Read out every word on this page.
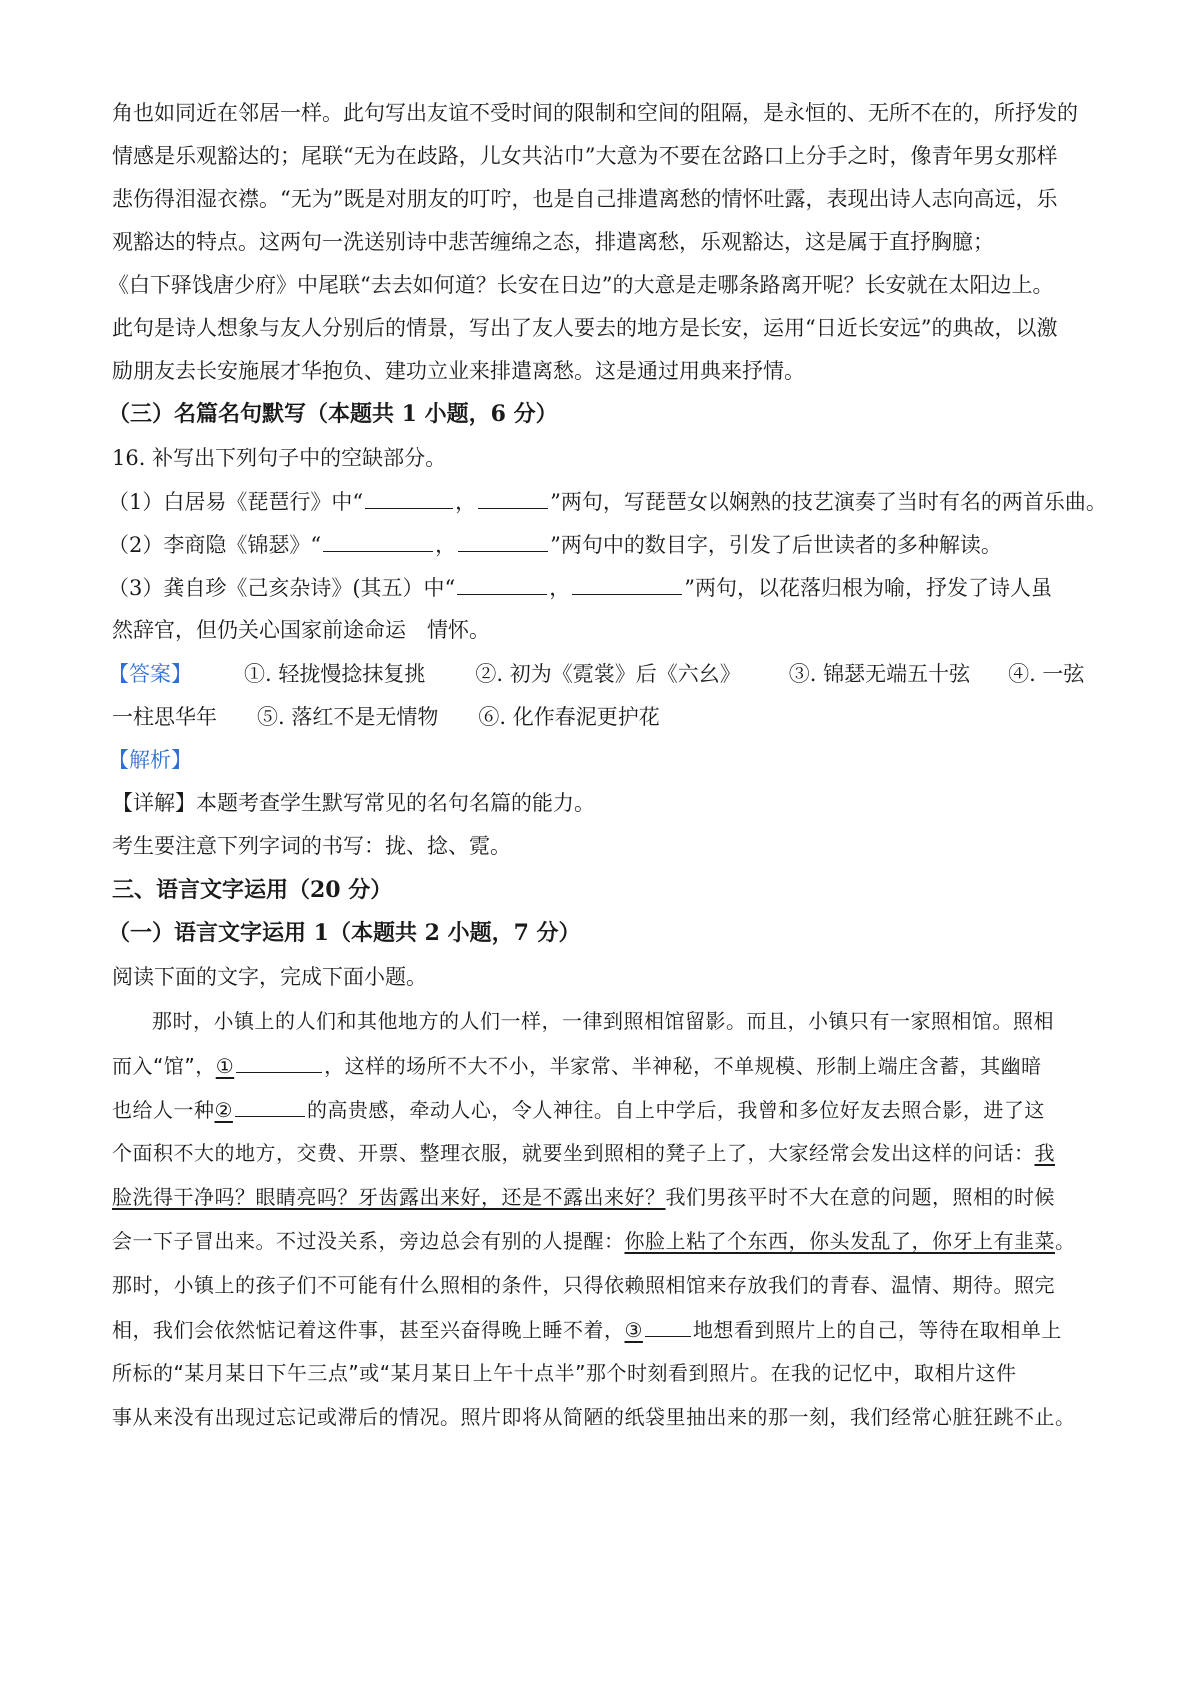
角也如同近在邻居一样。此句写出友谊不受时间的限制和空间的阻隔，是永恒的、无所不在的，所抒发的
情感是乐观豁达的；尾联“无为在歧路，儿女共沾巾”大意为不要在岔路口上分手之时，像青年男女那样
悲伤得泪湿衣襟。“无为”既是对朋友的叮咛，也是自己排遣离愁的情怀吐露，表现出诗人志向高远，乐
观豁达的特点。这两句一洗送别诗中悲苦缠绵之态，排遣离愁，乐观豁达，这是属于直抒胸臆；
《白下驿饯唐少府》中尾联“去去如何道？长安在日边”的大意是走哪条路离开呢？长安就在太阳边上。
此句是诗人想象与友人分别后的情景，写出了友人要去的地方是长安，运用“日近长安远”的典故，以激
励朋友去长安施展才华抱负、建功立业来排遣离愁。这是通过用典来抒情。
（三）名篇名句默写（本题共 1 小题，6 分）
16. 补写出下列句子中的空缺部分。
（1）白居易《琵琶行》中“	，	”两句，写琵琶女以娴熟的技艺演奏了当时有名的两首乐曲。
（2）李商隐《锦瑟》“	，	”两句中的数目字，引发了后世读者的多种解读。
（3）龚自珍《己亥杂诗》(其五）中“	，	”两句，以花落归根为喻，抒发了诗人虽
然辞官，但仍关心国家前途命运　情怀。
【答案】 ①. 轻拢慢捻抹复挑 ②. 初为《霓裳》后《六幺》 ③. 锦瑟无端五十弦 ④. 一弦
一柱思华年 ⑤. 落红不是无情物 ⑥. 化作春泥更护花
【解析】
【详解】本题考查学生默写常见的名句名篇的能力。
考生要注意下列字词的书写：拢、捻、霓。
三、语言文字运用（20 分）
（一）语言文字运用 1（本题共 2 小题，7 分）
阅读下面的文字，完成下面小题。
那时，小镇上的人们和其他地方的人们一样，一律到照相馆留影。而且，小镇只有一家照相馆。照相
而入“馆”，①	，这样的场所不大不小，半家常、半神秘，不单规模、形制上端庄含蓄，其幽暗
也给人一种②	的高贵感，牵动人心，令人神往。自上中学后，我曾和多位好友去照合影，进了这
个面积不大的地方，交费、开票、整理衣服，就要坐到照相的凳子上了，大家经常会发出这样的问话：我
脸洗得干净吗？眼睛亮吗？牙齿露出来好，还是不露出来好？我们男孩平时不大在意的问题，照相的时候
会一下子冒出来。不过没关系，旁边总会有别的人提醒：你脸上粘了个东西，你头发乱了，你牙上有韭菜。
那时，小镇上的孩子们不可能有什么照相的条件，只得依赖照相馆来存放我们的青春、温情、期待。照完
相，我们会依然惦记着这件事，甚至兴奋得晚上睡不着，③	地想看到照片上的自己，等待在取相单上
所标的“某月某日下午三点”或“某月某日上午十点半”那个时刻看到照片。在我的记忆中，取相片这件
事从来没有出现过忘记或滞后的情况。照片即将从简陋的纸袋里抽出来的那一刻，我们经常心脏狂跳不止。
